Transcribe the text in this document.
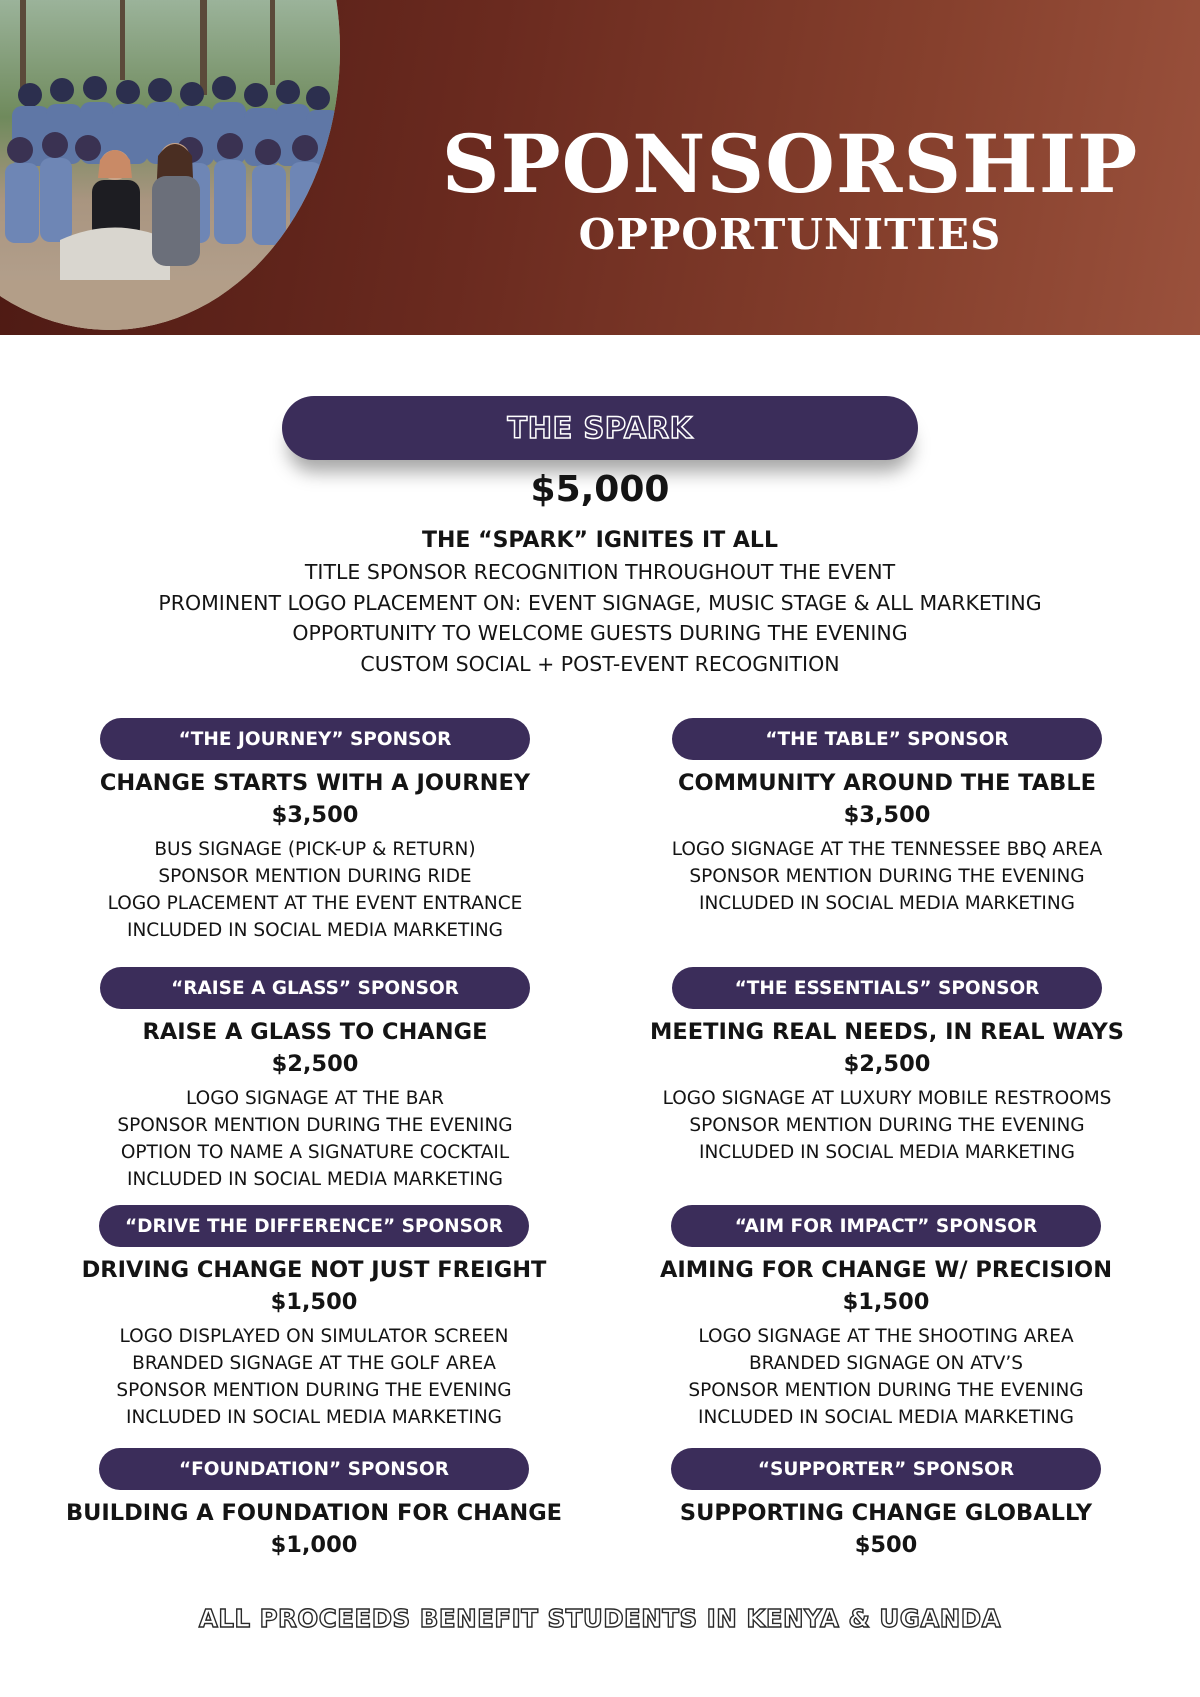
SPONSORSHIP
OPPORTUNITIES
THE SPARK
$5,000
THE “SPARK” IGNITES IT ALL
TITLE SPONSOR RECOGNITION THROUGHOUT THE EVENT
PROMINENT LOGO PLACEMENT ON: EVENT SIGNAGE, MUSIC STAGE & ALL MARKETING
OPPORTUNITY TO WELCOME GUESTS DURING THE EVENING
CUSTOM SOCIAL + POST-EVENT RECOGNITION
“THE JOURNEY” SPONSOR
CHANGE STARTS WITH A JOURNEY
$3,500
BUS SIGNAGE (PICK-UP & RETURN)
SPONSOR MENTION DURING RIDE
LOGO PLACEMENT AT THE EVENT ENTRANCE
INCLUDED IN SOCIAL MEDIA MARKETING
“THE TABLE” SPONSOR
COMMUNITY AROUND THE TABLE
$3,500
LOGO SIGNAGE AT THE TENNESSEE BBQ AREA
SPONSOR MENTION DURING THE EVENING
INCLUDED IN SOCIAL MEDIA MARKETING
“RAISE A GLASS” SPONSOR
RAISE A GLASS TO CHANGE
$2,500
LOGO SIGNAGE AT THE BAR
SPONSOR MENTION DURING THE EVENING
OPTION TO NAME A SIGNATURE COCKTAIL
INCLUDED IN SOCIAL MEDIA MARKETING
“THE ESSENTIALS” SPONSOR
MEETING REAL NEEDS, IN REAL WAYS
$2,500
LOGO SIGNAGE AT LUXURY MOBILE RESTROOMS
SPONSOR MENTION DURING THE EVENING
INCLUDED IN SOCIAL MEDIA MARKETING
“DRIVE THE DIFFERENCE” SPONSOR
DRIVING CHANGE NOT JUST FREIGHT
$1,500
LOGO DISPLAYED ON SIMULATOR SCREEN
BRANDED SIGNAGE AT THE GOLF AREA
SPONSOR MENTION DURING THE EVENING
INCLUDED IN SOCIAL MEDIA MARKETING
“AIM FOR IMPACT” SPONSOR
AIMING FOR CHANGE W/ PRECISION
$1,500
LOGO SIGNAGE AT THE SHOOTING AREA
BRANDED SIGNAGE ON ATV’S
SPONSOR MENTION DURING THE EVENING
INCLUDED IN SOCIAL MEDIA MARKETING
“FOUNDATION” SPONSOR
BUILDING A FOUNDATION FOR CHANGE
$1,000
“SUPPORTER” SPONSOR
SUPPORTING CHANGE GLOBALLY
$500
ALL PROCEEDS BENEFIT STUDENTS IN KENYA & UGANDA
